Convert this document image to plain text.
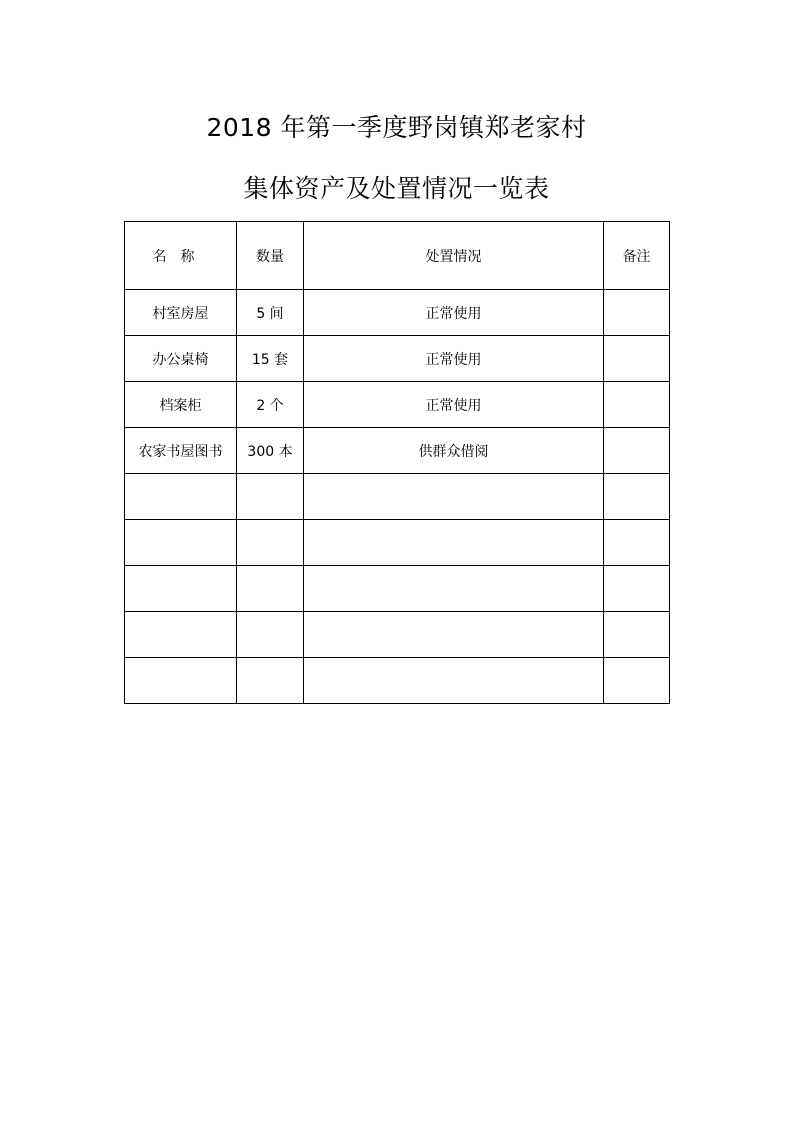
2018 年第一季度野岗镇郑老家村
集体资产及处置情况一览表
名称	数量	处置情况	备注
村室房屋	5 间	正常使用	
办公桌椅	15 套	正常使用	
档案柜	2 个	正常使用	
农家书屋图书	300 本	供群众借阅	
